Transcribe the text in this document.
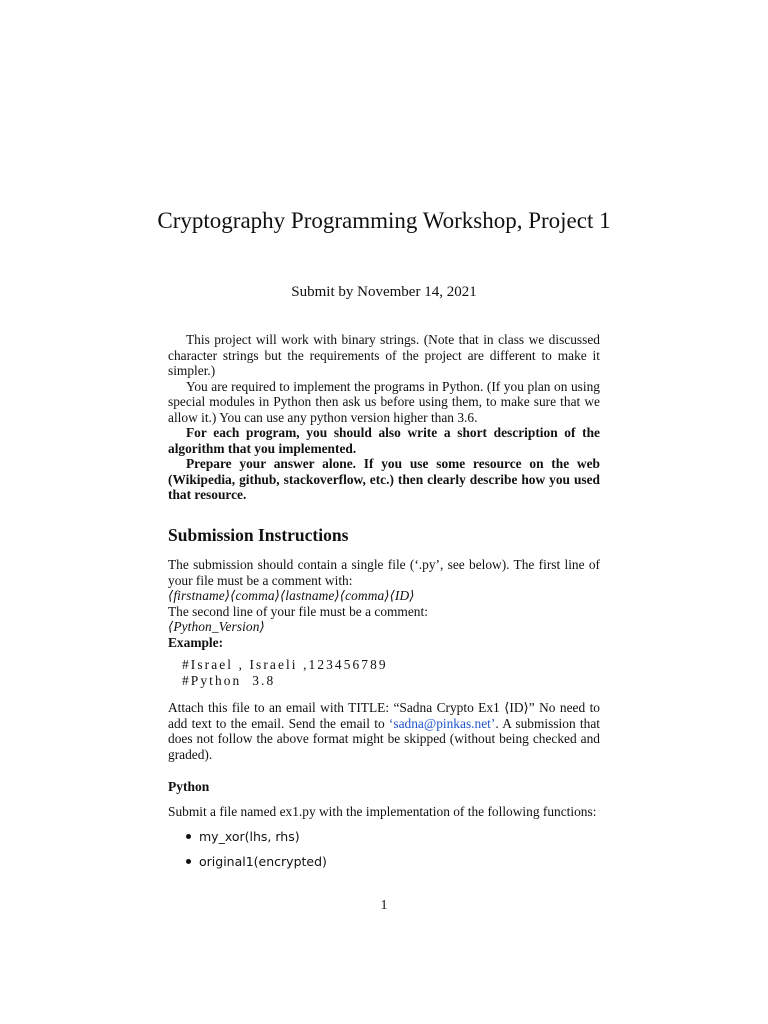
Cryptography Programming Workshop, Project 1
Submit by November 14, 2021

This project will work with binary strings. (Note that in class we discussed character strings but the requirements of the project are different to make it simpler.)

You are required to implement the programs in Python. (If you plan on using special modules in Python then ask us before using them, to make sure that we allow it.) You can use any python version higher than 3.6.

For each program, you should also write a short description of the algorithm that you implemented.

Prepare your answer alone. If you use some resource on the web (Wikipedia, github, stackoverflow, etc.) then clearly describe how you used that resource.

Submission Instructions

The submission should contain a single file (‘.py’, see below). The first line of your file must be a comment with:

⟨firstname⟩⟨comma⟩⟨lastname⟩⟨comma⟩⟨ID⟩
The second line of your file must be a comment:
⟨Python_Version⟩
Example:
#Israel , Israeli ,123456789
#Python  3.8

Attach this file to an email with TITLE: “Sadna Crypto Ex1 ⟨ID⟩” No need to add text to the email. Send the email to ‘sadna@pinkas.net’. A submission that does not follow the above format might be skipped (without being checked and graded).

Python
Submit a file named ex1.py with the implementation of the following functions:
my_xor(lhs, rhs)
original1(encrypted)
1
